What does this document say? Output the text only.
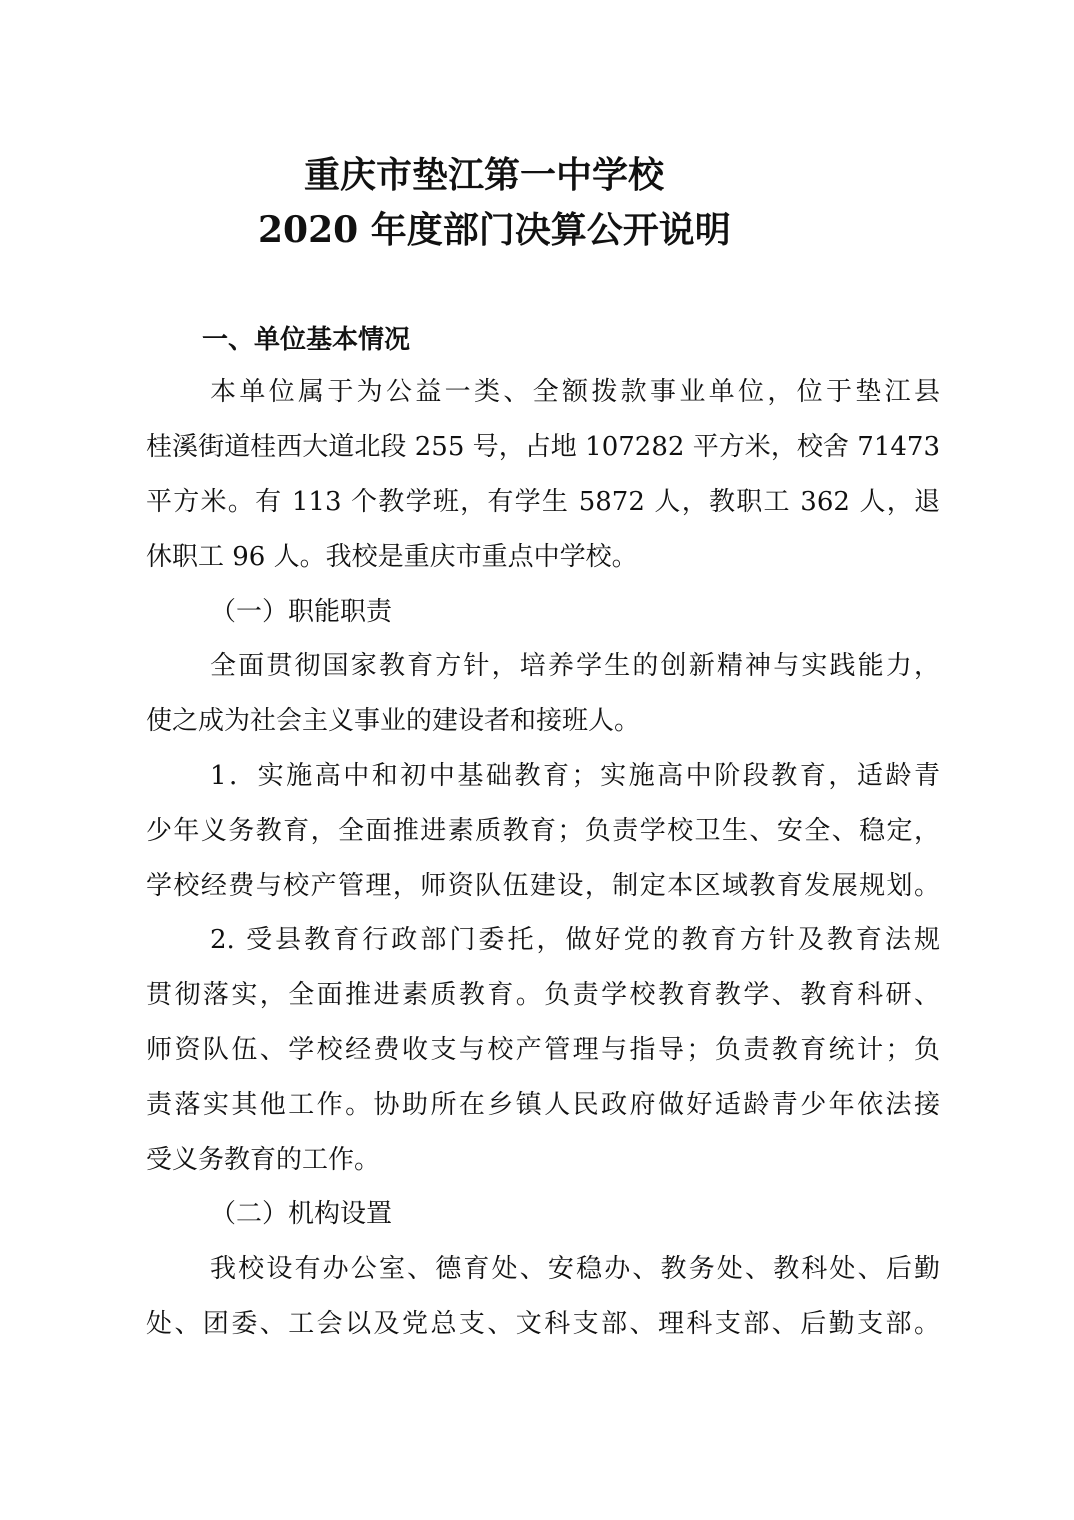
重庆市垫江第一中学校
2020 年度部门决算公开说明
一、单位基本情况
本单位属于为公益一类、全额拨款事业单位，位于垫江县
桂溪街道桂西大道北段 255 号，占地 107282 平方米，校舍 71473
平方米。有 113 个教学班，有学生 5872 人，教职工 362 人，退
休职工 96 人。我校是重庆市重点中学校。
（一）职能职责
全面贯彻国家教育方针，培养学生的创新精神与实践能力，
使之成为社会主义事业的建设者和接班人。
1．实施高中和初中基础教育；实施高中阶段教育，适龄青
少年义务教育，全面推进素质教育；负责学校卫生、安全、稳定，
学校经费与校产管理，师资队伍建设，制定本区域教育发展规划。
2. 受县教育行政部门委托，做好党的教育方针及教育法规
贯彻落实，全面推进素质教育。负责学校教育教学、教育科研、
师资队伍、学校经费收支与校产管理与指导；负责教育统计；负
责落实其他工作。协助所在乡镇人民政府做好适龄青少年依法接
受义务教育的工作。
（二）机构设置
我校设有办公室、德育处、安稳办、教务处、教科处、后勤
处、团委、工会以及党总支、文科支部、理科支部、后勤支部。
